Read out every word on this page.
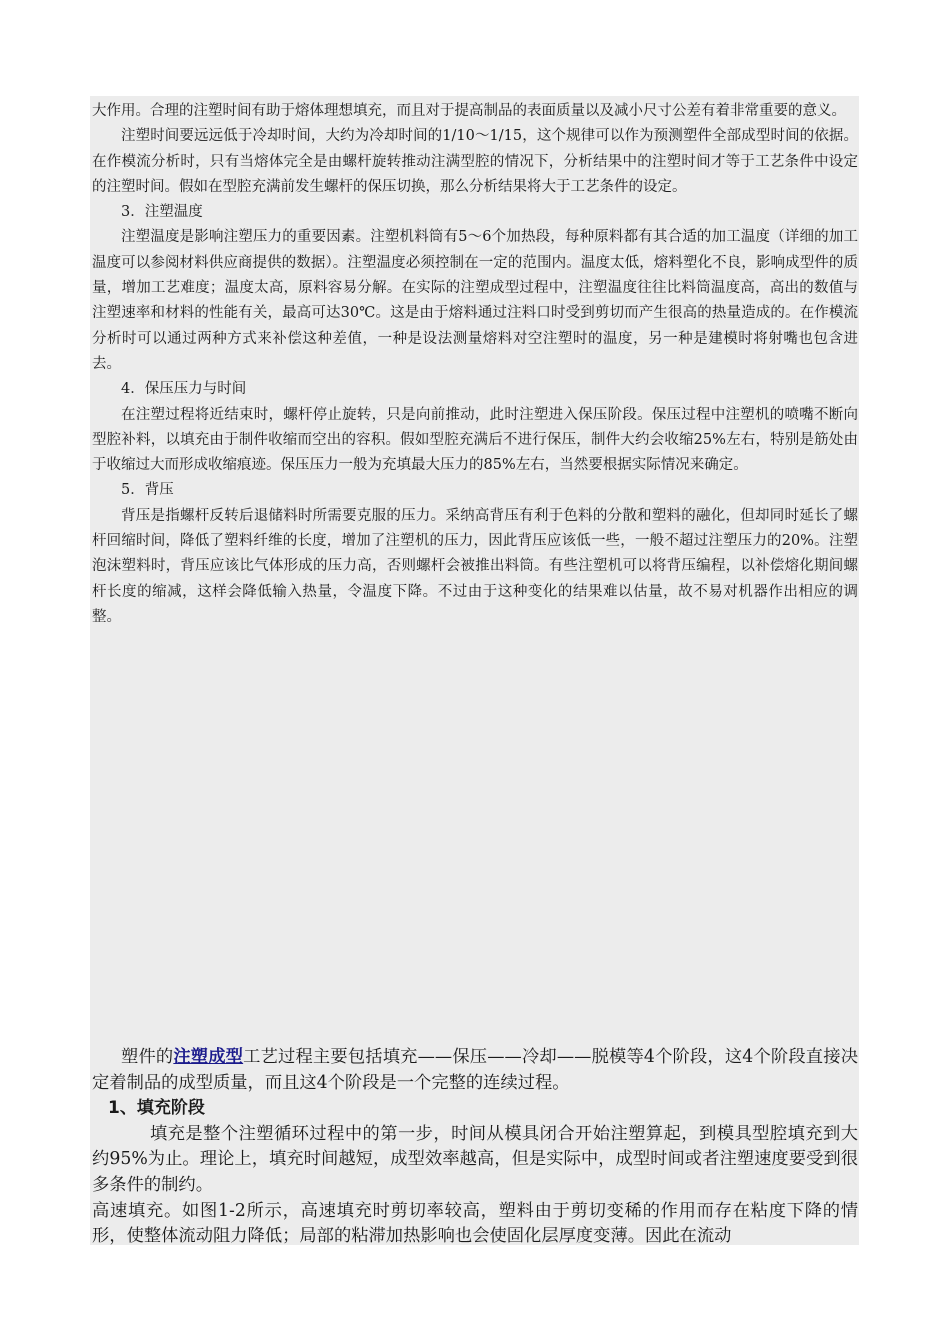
大作用。合理的注塑时间有助于熔体理想填充，而且对于提高制品的表面质量以及减小尺寸公差有着非常重要的意义。

注塑时间要远远低于冷却时间，大约为冷却时间的1/10～1/15，这个规律可以作为预测塑件全部成型时间的依据。在作模流分析时，只有当熔体完全是由螺杆旋转推动注满型腔的情况下，分析结果中的注塑时间才等于工艺条件中设定的注塑时间。假如在型腔充满前发生螺杆的保压切换，那么分析结果将大于工艺条件的设定。

3．注塑温度

注塑温度是影响注塑压力的重要因素。注塑机料筒有5～6个加热段，每种原料都有其合适的加工温度（详细的加工温度可以参阅材料供应商提供的数据）。注塑温度必须控制在一定的范围内。温度太低，熔料塑化不良，影响成型件的质量，增加工艺难度；温度太高，原料容易分解。在实际的注塑成型过程中，注塑温度往往比料筒温度高，高出的数值与注塑速率和材料的性能有关，最高可达30℃。这是由于熔料通过注料口时受到剪切而产生很高的热量造成的。在作模流分析时可以通过两种方式来补偿这种差值，一种是设法测量熔料对空注塑时的温度，另一种是建模时将射嘴也包含进去。

4．保压压力与时间

在注塑过程将近结束时，螺杆停止旋转，只是向前推动，此时注塑进入保压阶段。保压过程中注塑机的喷嘴不断向型腔补料，以填充由于制件收缩而空出的容积。假如型腔充满后不进行保压，制件大约会收缩25%左右，特别是筋处由于收缩过大而形成收缩痕迹。保压压力一般为充填最大压力的85%左右，当然要根据实际情况来确定。

5．背压

背压是指螺杆反转后退储料时所需要克服的压力。采纳高背压有利于色料的分散和塑料的融化，但却同时延长了螺杆回缩时间，降低了塑料纤维的长度，增加了注塑机的压力，因此背压应该低一些，一般不超过注塑压力的20%。注塑泡沫塑料时，背压应该比气体形成的压力高，否则螺杆会被推出料筒。有些注塑机可以将背压编程，以补偿熔化期间螺杆长度的缩减，这样会降低输入热量，令温度下降。不过由于这种变化的结果难以估量，故不易对机器作出相应的调整。

塑件的注塑成型工艺过程主要包括填充——保压——冷却——脱模等4个阶段，这4个阶段直接决定着制品的成型质量，而且这4个阶段是一个完整的连续过程。

1、填充阶段

填充是整个注塑循环过程中的第一步，时间从模具闭合开始注塑算起，到模具型腔填充到大约95%为止。理论上，填充时间越短，成型效率越高，但是实际中，成型时间或者注塑速度要受到很多条件的制约。

高速填充。如图1-2所示，高速填充时剪切率较高，塑料由于剪切变稀的作用而存在粘度下降的情形，使整体流动阻力降低；局部的粘滞加热影响也会使固化层厚度变薄。因此在流动
